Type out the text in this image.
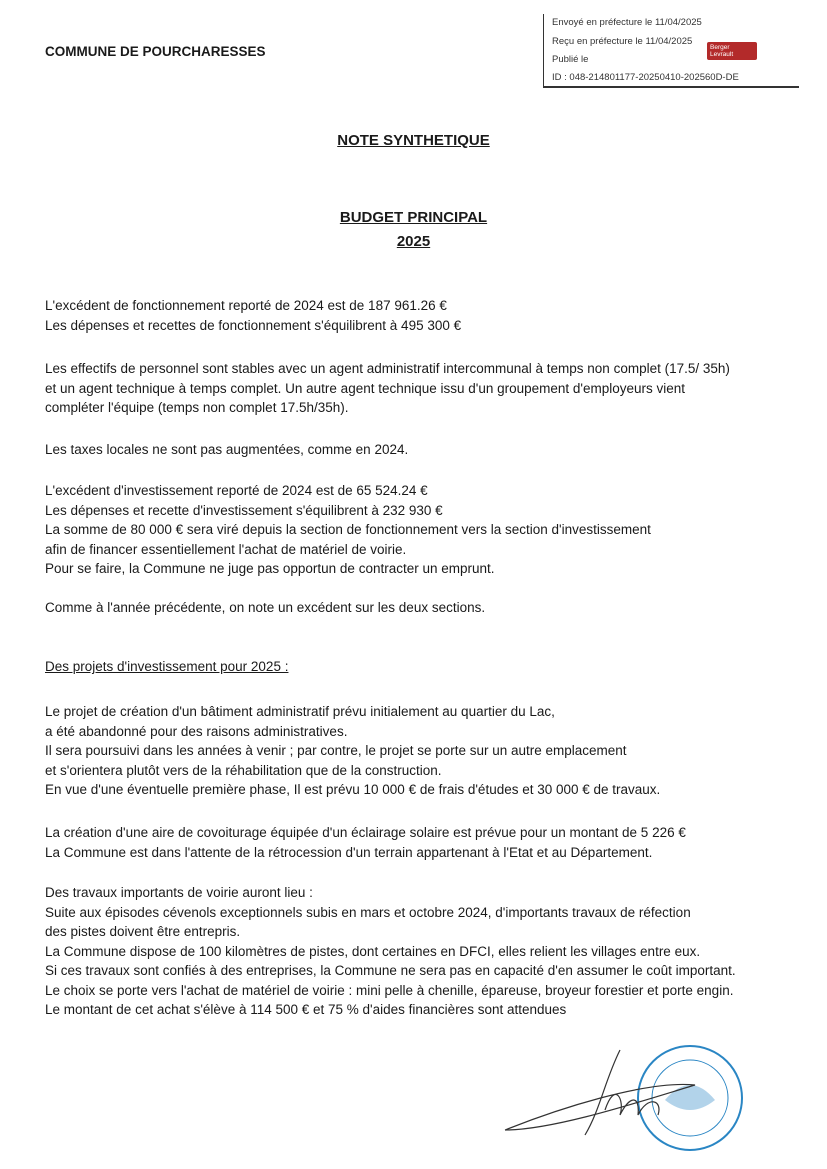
COMMUNE DE POURCHARESSES
Envoyé en préfecture le 11/04/2025
Reçu en préfecture le 11/04/2025
Publié le
ID : 048-214801177-20250410-202560D-DE
Berger
Levrault
NOTE SYNTHETIQUE
BUDGET PRINCIPAL
2025
L'excédent de fonctionnement reporté de 2024 est de 187 961.26 €
Les dépenses et recettes de fonctionnement s'équilibrent à 495 300 €
Les effectifs de personnel sont stables avec un agent administratif intercommunal à temps non complet (17.5/ 35h)
et un agent technique à temps complet. Un autre agent technique issu d'un groupement d'employeurs vient
compléter l'équipe (temps non complet 17.5h/35h).
Les taxes locales ne sont pas augmentées, comme en 2024.
L'excédent d'investissement reporté de 2024 est de 65 524.24 €
Les dépenses et recette d'investissement s'équilibrent à 232 930 €
La somme de 80 000 € sera viré depuis la section de fonctionnement vers la section d'investissement
afin de financer essentiellement l'achat de matériel de voirie.
Pour se faire, la Commune ne juge pas opportun de contracter un emprunt.
Comme à l'année précédente, on note un excédent sur les deux sections.
Des projets d'investissement pour 2025 :
Le projet de création d'un bâtiment administratif prévu initialement au quartier du Lac,
a été abandonné pour des raisons administratives.
Il sera poursuivi dans les années à venir ; par contre, le projet se porte sur un autre emplacement
et s'orientera plutôt vers de la réhabilitation que de la construction.
En vue d'une éventuelle première phase, Il est prévu 10 000 € de frais d'études et 30 000 € de travaux.
La création d'une aire de covoiturage équipée d'un éclairage solaire est prévue pour un montant de 5 226 €
La Commune est dans l'attente de la rétrocession d'un terrain appartenant à l'Etat et au Département.
Des travaux importants de voirie auront lieu :
Suite aux épisodes cévenols exceptionnels subis en mars et octobre 2024, d'importants travaux de réfection
des pistes doivent être entrepris.
La Commune dispose de 100 kilomètres de pistes, dont certaines en DFCI, elles relient les villages entre eux.
Si ces travaux sont confiés à des entreprises, la Commune ne sera pas en capacité d'en assumer le coût important.
Le choix se porte vers l'achat de matériel de voirie : mini pelle à chenille, épareuse, broyeur forestier et porte engin.
Le montant de cet achat s'élève à 114 500 € et 75 % d'aides financières sont attendues
